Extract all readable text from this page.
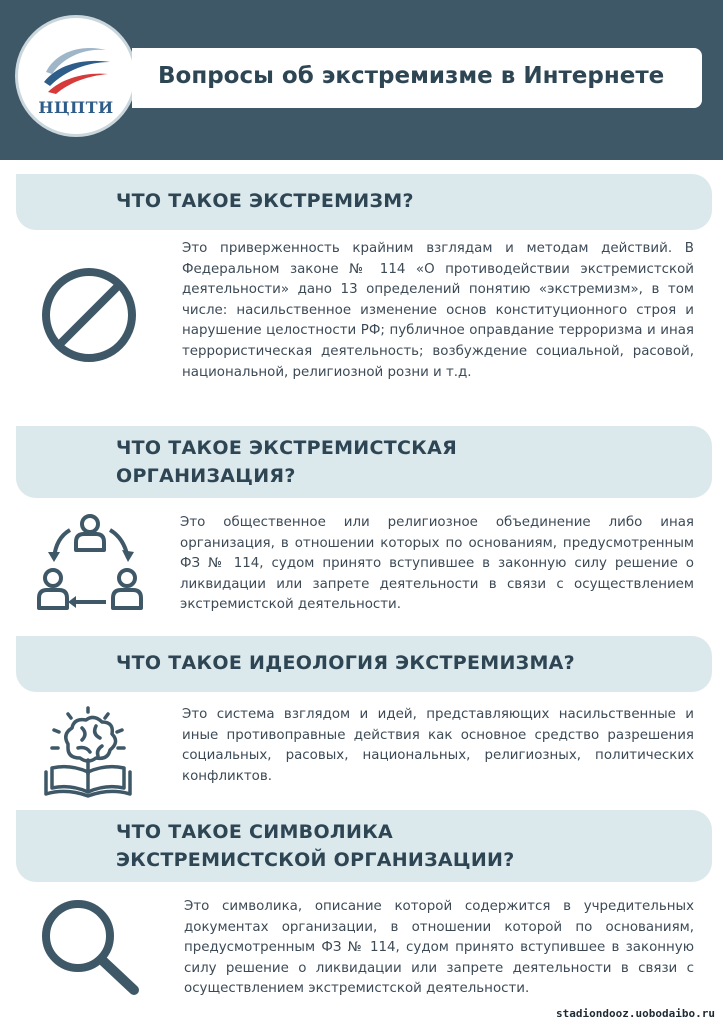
НЦПТИ
Вопросы об экстремизме в Интернете
ЧТО ТАКОЕ ЭКСТРЕМИЗМ?
Это приверженность крайним взглядам и методам действий. В Федеральном законе № 114 «О противодействии экстремистской деятельности» дано 13 определений понятию «экстремизм», в том числе: насильственное изменение основ конституционного строя и нарушение целостности РФ; публичное оправдание терроризма и иная террористическая деятельность; возбуждение социальной, расовой, национальной, религиозной розни и т.д.
ЧТО ТАКОЕ ЭКСТРЕМИСТСКАЯ
ОРГАНИЗАЦИЯ?
Это общественное или религиозное объединение либо иная организация, в отношении которых по основаниям, предусмотренным ФЗ № 114, судом принято вступившее в законную силу решение о ликвидации или запрете деятельности в связи с осуществлением экстремистской деятельности.
ЧТО ТАКОЕ ИДЕОЛОГИЯ ЭКСТРЕМИЗМА?
Это система взглядом и идей, представляющих насильственные и иные противоправные действия как основное средство разрешения социальных, расовых, национальных, религиозных, политических конфликтов.
ЧТО ТАКОЕ СИМВОЛИКА
ЭКСТРЕМИСТСКОЙ ОРГАНИЗАЦИИ?
Это символика, описание которой содержится в учредительных документах организации, в отношении которой по основаниям, предусмотренным ФЗ № 114, судом принято вступившее в законную силу решение о ликвидации или запрете деятельности в связи с осуществлением экстремистской деятельности.
stadiondooz.uobodaibo.ru
